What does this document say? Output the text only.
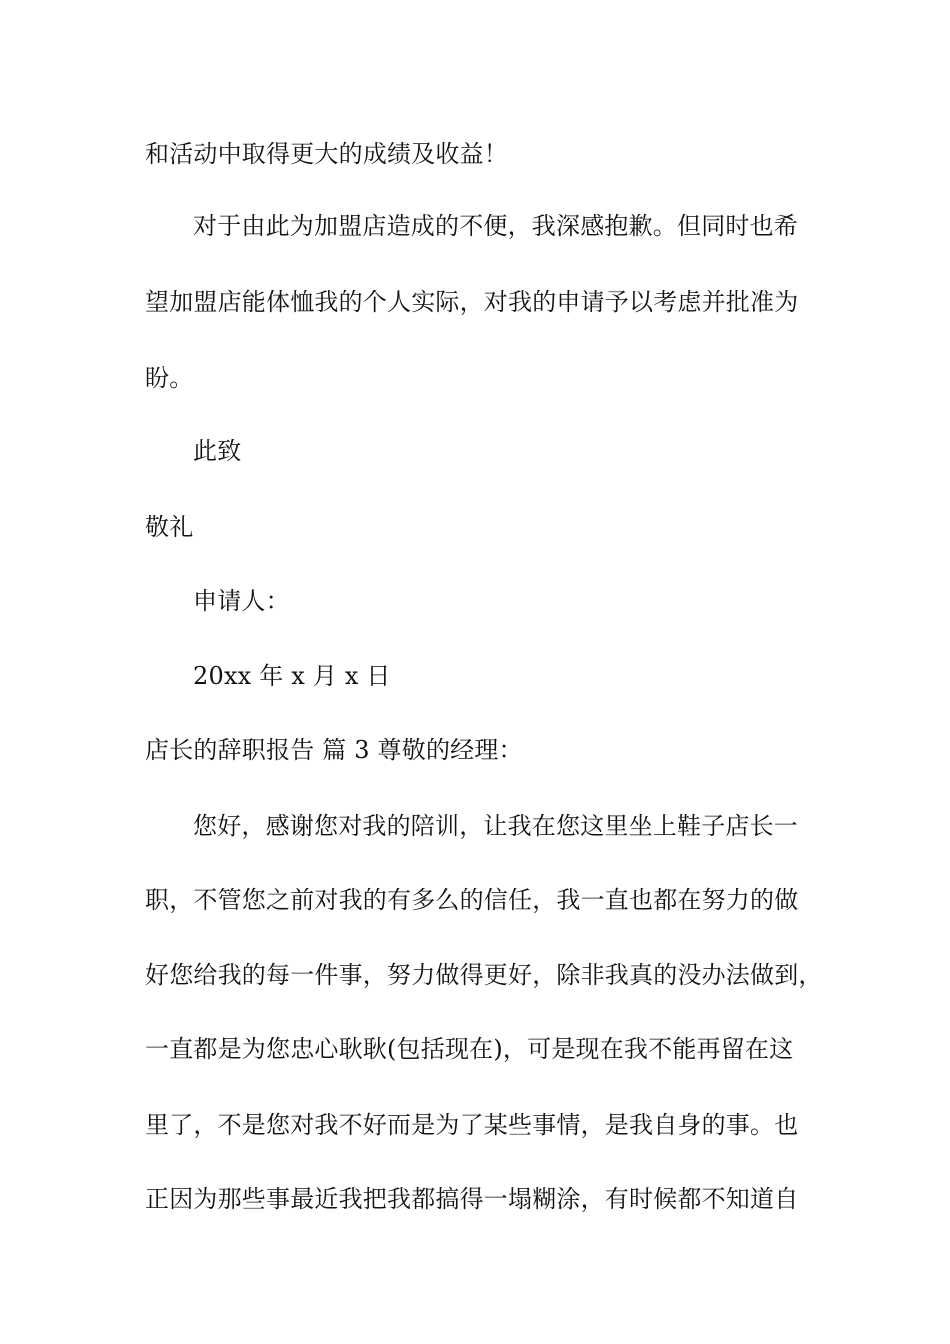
和活动中取得更大的成绩及收益！
对于由此为加盟店造成的不便，我深感抱歉。但同时也希
望加盟店能体恤我的个人实际，对我的申请予以考虑并批准为
盼。
此致
敬礼
申请人：
20xx 年 x 月 x 日
店长的辞职报告 篇 3 尊敬的经理：
您好，感谢您对我的陪训，让我在您这里坐上鞋子店长一
职，不管您之前对我的有多么的信任，我一直也都在努力的做
好您给我的每一件事，努力做得更好，除非我真的没办法做到，
一直都是为您忠心耿耿(包括现在)，可是现在我不能再留在这
里了，不是您对我不好而是为了某些事情，是我自身的事。也
正因为那些事最近我把我都搞得一塌糊涂，有时候都不知道自
